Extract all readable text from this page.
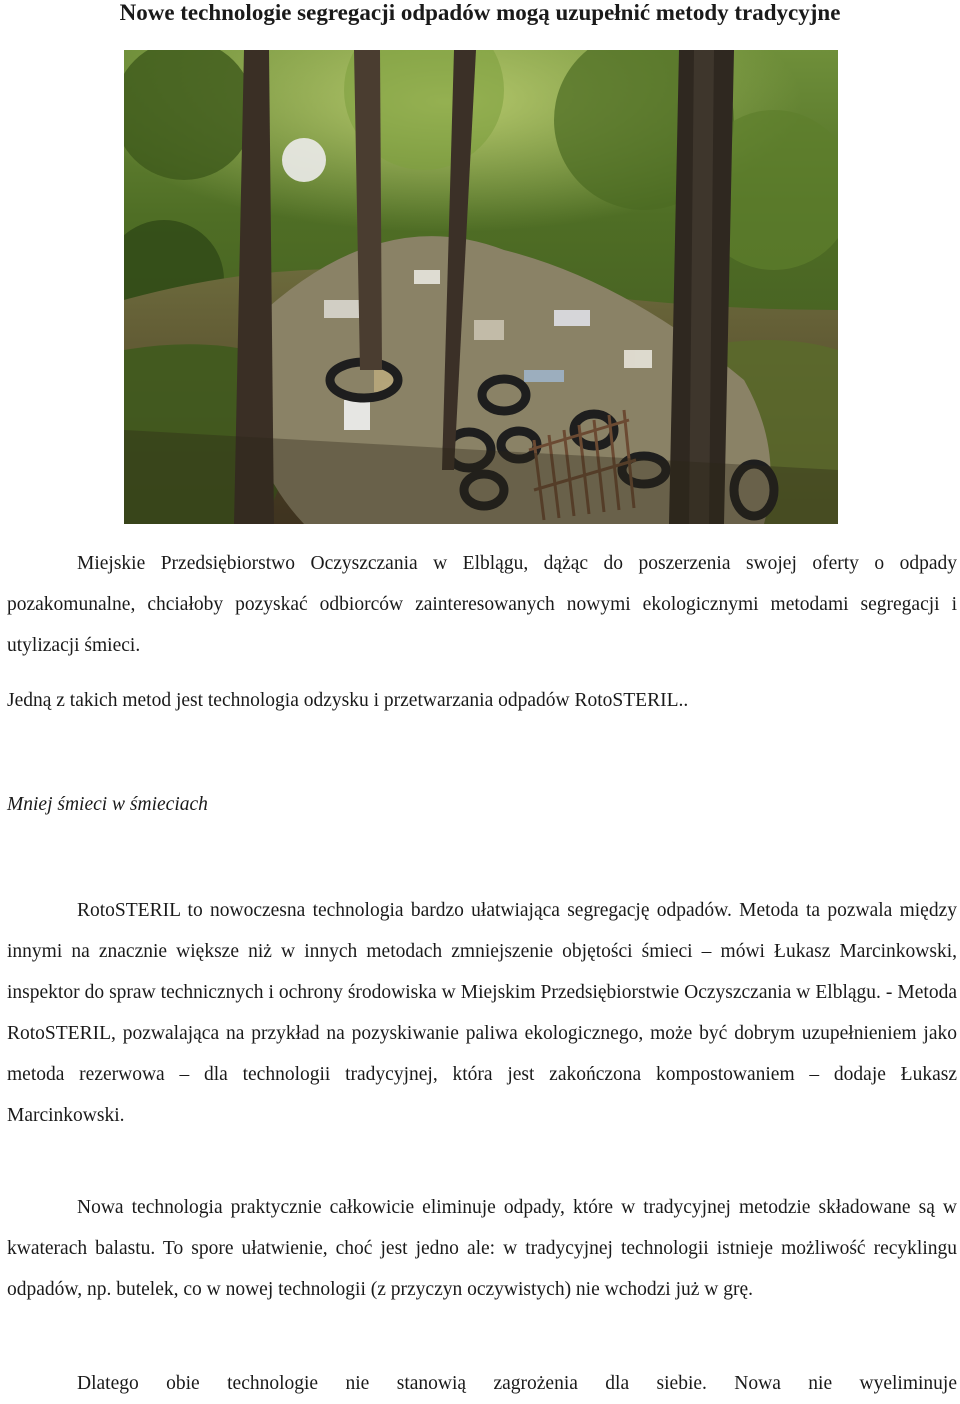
Nowe technologie segregacji odpadów mogą uzupełnić metody tradycyjne

Miejskie Przedsiębiorstwo Oczyszczania w Elblągu, dążąc do poszerzenia swojej oferty o odpady pozakomunalne, chciałoby pozyskać odbiorców zainteresowanych nowymi ekologicznymi metodami segregacji i utylizacji śmieci.

Jedną z takich metod jest technologia odzysku i przetwarzania odpadów RotoSTERIL..

Mniej śmieci w śmieciach

RotoSTERIL to nowoczesna technologia bardzo ułatwiająca segregację odpadów. Metoda ta pozwala między innymi na znacznie większe niż w innych metodach zmniejszenie objętości śmieci – mówi Łukasz Marcinkowski, inspektor do spraw technicznych i ochrony środowiska w Miejskim Przedsiębiorstwie Oczyszczania w Elblągu. - Metoda RotoSTERIL, pozwalająca na przykład na pozyskiwanie paliwa ekologicznego, może być dobrym uzupełnieniem jako metoda rezerwowa – dla technologii tradycyjnej, która jest zakończona kompostowaniem – dodaje Łukasz Marcinkowski.

Nowa technologia praktycznie całkowicie eliminuje odpady, które w tradycyjnej metodzie składowane są w kwaterach balastu. To spore ułatwienie, choć jest jedno ale: w tradycyjnej technologii istnieje możliwość recyklingu odpadów, np. butelek, co w nowej technologii (z przyczyn oczywistych) nie wchodzi już w grę.

Dlatego obie technologie nie stanowią zagrożenia dla siebie. Nowa nie wyeliminuje
